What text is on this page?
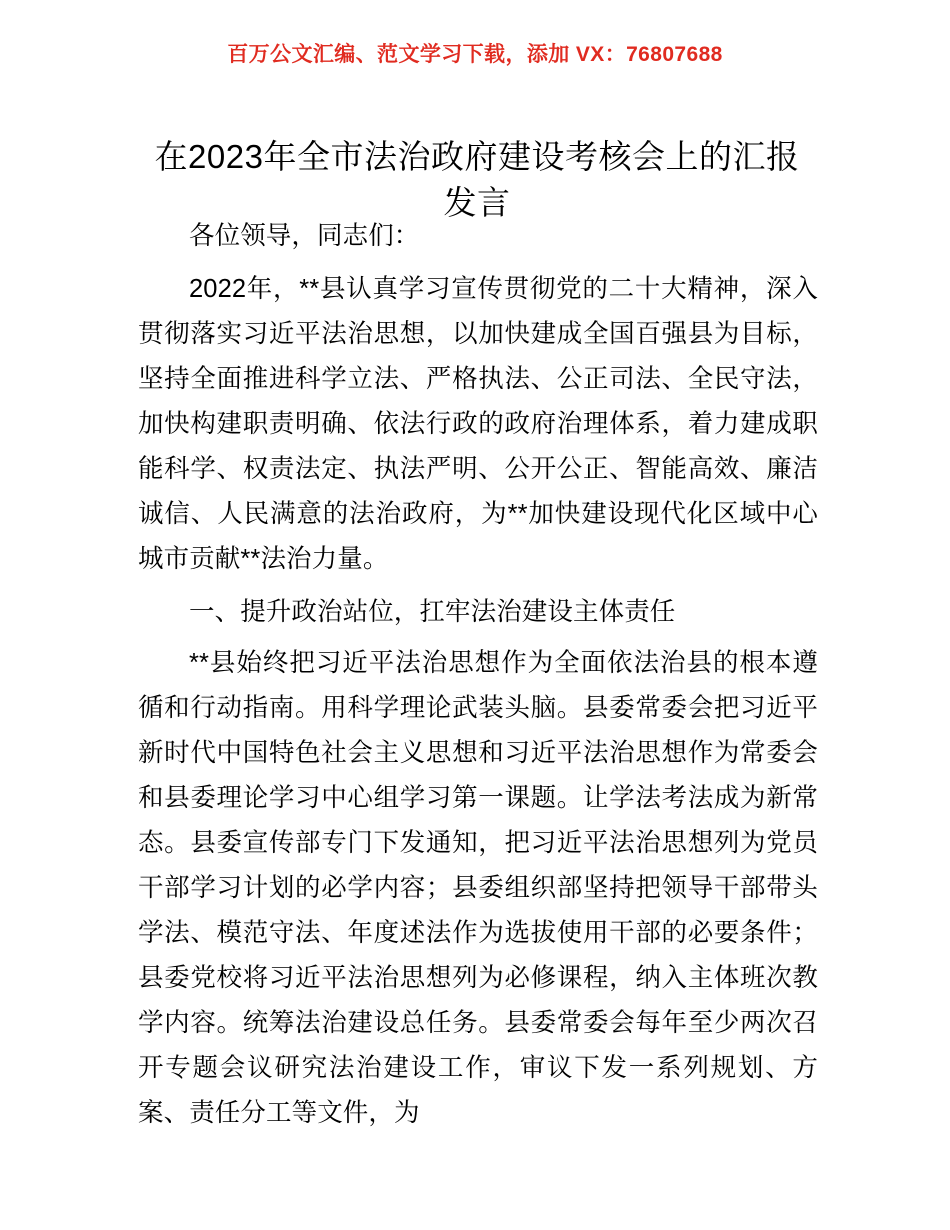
百万公文汇编、范文学习下载，添加 VX：76807688
在2023年全市法治政府建设考核会上的汇报发言

各位领导，同志们：

2022年，**县认真学习宣传贯彻党的二十大精神，深入贯彻落实习近平法治思想，以加快建成全国百强县为目标，坚持全面推进科学立法、严格执法、公正司法、全民守法，加快构建职责明确、依法行政的政府治理体系，着力建成职能科学、权责法定、执法严明、公开公正、智能高效、廉洁诚信、人民满意的法治政府，为**加快建设现代化区域中心城市贡献**法治力量。

一、提升政治站位，扛牢法治建设主体责任

**县始终把习近平法治思想作为全面依法治县的根本遵循和行动指南。用科学理论武装头脑。县委常委会把习近平新时代中国特色社会主义思想和习近平法治思想作为常委会和县委理论学习中心组学习第一课题。让学法考法成为新常态。县委宣传部专门下发通知，把习近平法治思想列为党员干部学习计划的必学内容；县委组织部坚持把领导干部带头学法、模范守法、年度述法作为选拔使用干部的必要条件；县委党校将习近平法治思想列为必修课程，纳入主体班次教学内容。统筹法治建设总任务。县委常委会每年至少两次召开专题会议研究法治建设工作，审议下发一系列规划、方案、责任分工等文件，为
